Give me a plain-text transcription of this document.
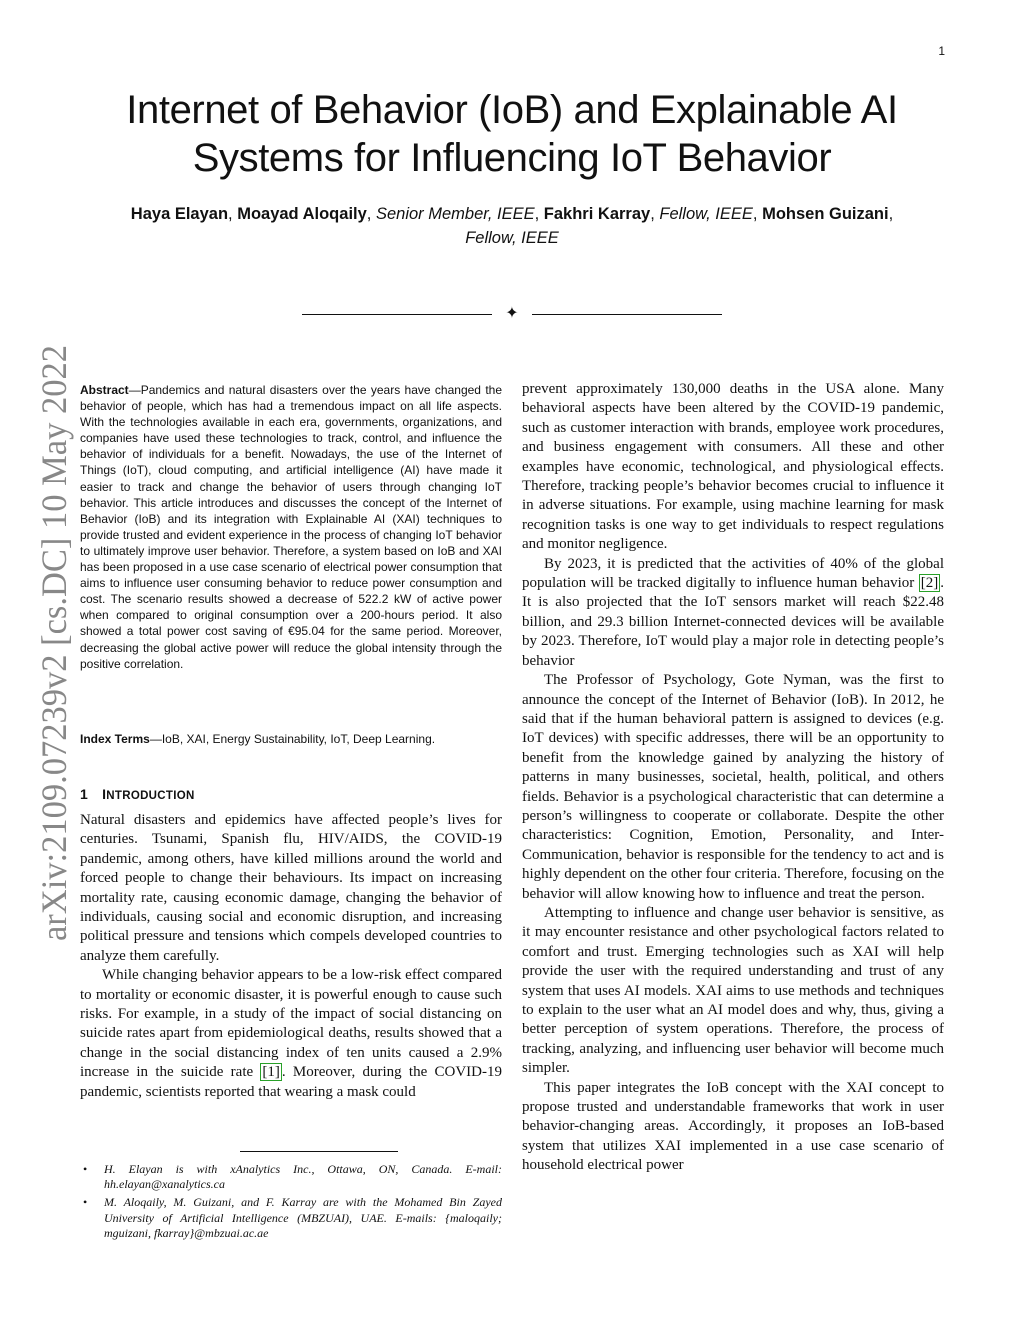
1
arXiv:2109.07239v2 [cs.DC] 10 May 2022
Internet of Behavior (IoB) and Explainable AI
Systems for Influencing IoT Behavior
Haya Elayan, Moayad Aloqaily, Senior Member, IEEE, Fakhri Karray, Fellow, IEEE, Mohsen Guizani, Fellow, IEEE
✦

Abstract—Pandemics and natural disasters over the years have changed the behavior of people, which has had a tremendous impact on all life aspects. With the technologies available in each era, governments, organizations, and companies have used these technologies to track, control, and influence the behavior of individuals for a benefit. Nowadays, the use of the Internet of Things (IoT), cloud computing, and artificial intelligence (AI) have made it easier to track and change the behavior of users through changing IoT behavior. This article introduces and discusses the concept of the Internet of Behavior (IoB) and its integration with Explainable AI (XAI) techniques to provide trusted and evident experience in the process of changing IoT behavior to ultimately improve user behavior. Therefore, a system based on IoB and XAI has been proposed in a use case scenario of electrical power consumption that aims to influence user consuming behavior to reduce power consumption and cost. The scenario results showed a decrease of 522.2 kW of active power when compared to original consumption over a 200-hours period. It also showed a total power cost saving of €95.04 for the same period. Moreover, decreasing the global active power will reduce the global intensity through the positive correlation.

Index Terms—IoB, XAI, Energy Sustainability, IoT, Deep Learning.

1 INTRODUCTION

Natural disasters and epidemics have affected people’s lives for centuries. Tsunami, Spanish flu, HIV/AIDS, the COVID-19 pandemic, among others, have killed millions around the world and forced people to change their behaviours. Its impact on increasing mortality rate, causing economic damage, changing the behavior of individuals, causing social and economic disruption, and increasing political pressure and tensions which compels developed countries to analyze them carefully.

While changing behavior appears to be a low-risk effect compared to mortality or economic disaster, it is powerful enough to cause such risks. For example, in a study of the impact of social distancing on suicide rates apart from epidemiological deaths, results showed that a change in the social distancing index of ten units caused a 2.9% increase in the suicide rate [1] . Moreover, during the COVID-19 pandemic, scientists reported that wearing a mask could

• H. Elayan is with xAnalytics Inc., Ottawa, ON, Canada. E-mail: hh.elayan@xanalytics.ca
• M. Aloqaily, M. Guizani, and F. Karray are with the Mohamed Bin Zayed University of Artificial Intelligence (MBZUAI), UAE. E-mails: {maloqaily; mguizani, fkarray}@mbzuai.ac.ae

prevent approximately 130,000 deaths in the USA alone. Many behavioral aspects have been altered by the COVID-19 pandemic, such as customer interaction with brands, employee work procedures, and business engagement with consumers. All these and other examples have economic, technological, and physiological effects. Therefore, tracking people’s behavior becomes crucial to influence it in adverse situations. For example, using machine learning for mask recognition tasks is one way to get individuals to respect regulations and monitor negligence.

By 2023, it is predicted that the activities of 40% of the global population will be tracked digitally to influence human behavior [2] . It is also projected that the IoT sensors market will reach $22.48 billion, and 29.3 billion Internet-connected devices will be available by 2023. Therefore, IoT would play a major role in detecting people’s behavior

The Professor of Psychology, Gote Nyman, was the first to announce the concept of the Internet of Behavior (IoB). In 2012, he said that if the human behavioral pattern is assigned to devices (e.g. IoT devices) with specific addresses, there will be an opportunity to benefit from the knowledge gained by analyzing the history of patterns in many businesses, societal, health, political, and others fields. Behavior is a psychological characteristic that can determine a person’s willingness to cooperate or collaborate. Despite the other characteristics: Cognition, Emotion, Personality, and Inter-Communication, behavior is responsible for the tendency to act and is highly dependent on the other four criteria. Therefore, focusing on the behavior will allow knowing how to influence and treat the person.

Attempting to influence and change user behavior is sensitive, as it may encounter resistance and other psychological factors related to comfort and trust. Emerging technologies such as XAI will help provide the user with the required understanding and trust of any system that uses AI models. XAI aims to use methods and techniques to explain to the user what an AI model does and why, thus, giving a better perception of system operations. Therefore, the process of tracking, analyzing, and influencing user behavior will become much simpler.

This paper integrates the IoB concept with the XAI concept to propose trusted and understandable frameworks that work in user behavior-changing areas. Accordingly, it proposes an IoB-based system that utilizes XAI implemented in a use case scenario of household electrical power
